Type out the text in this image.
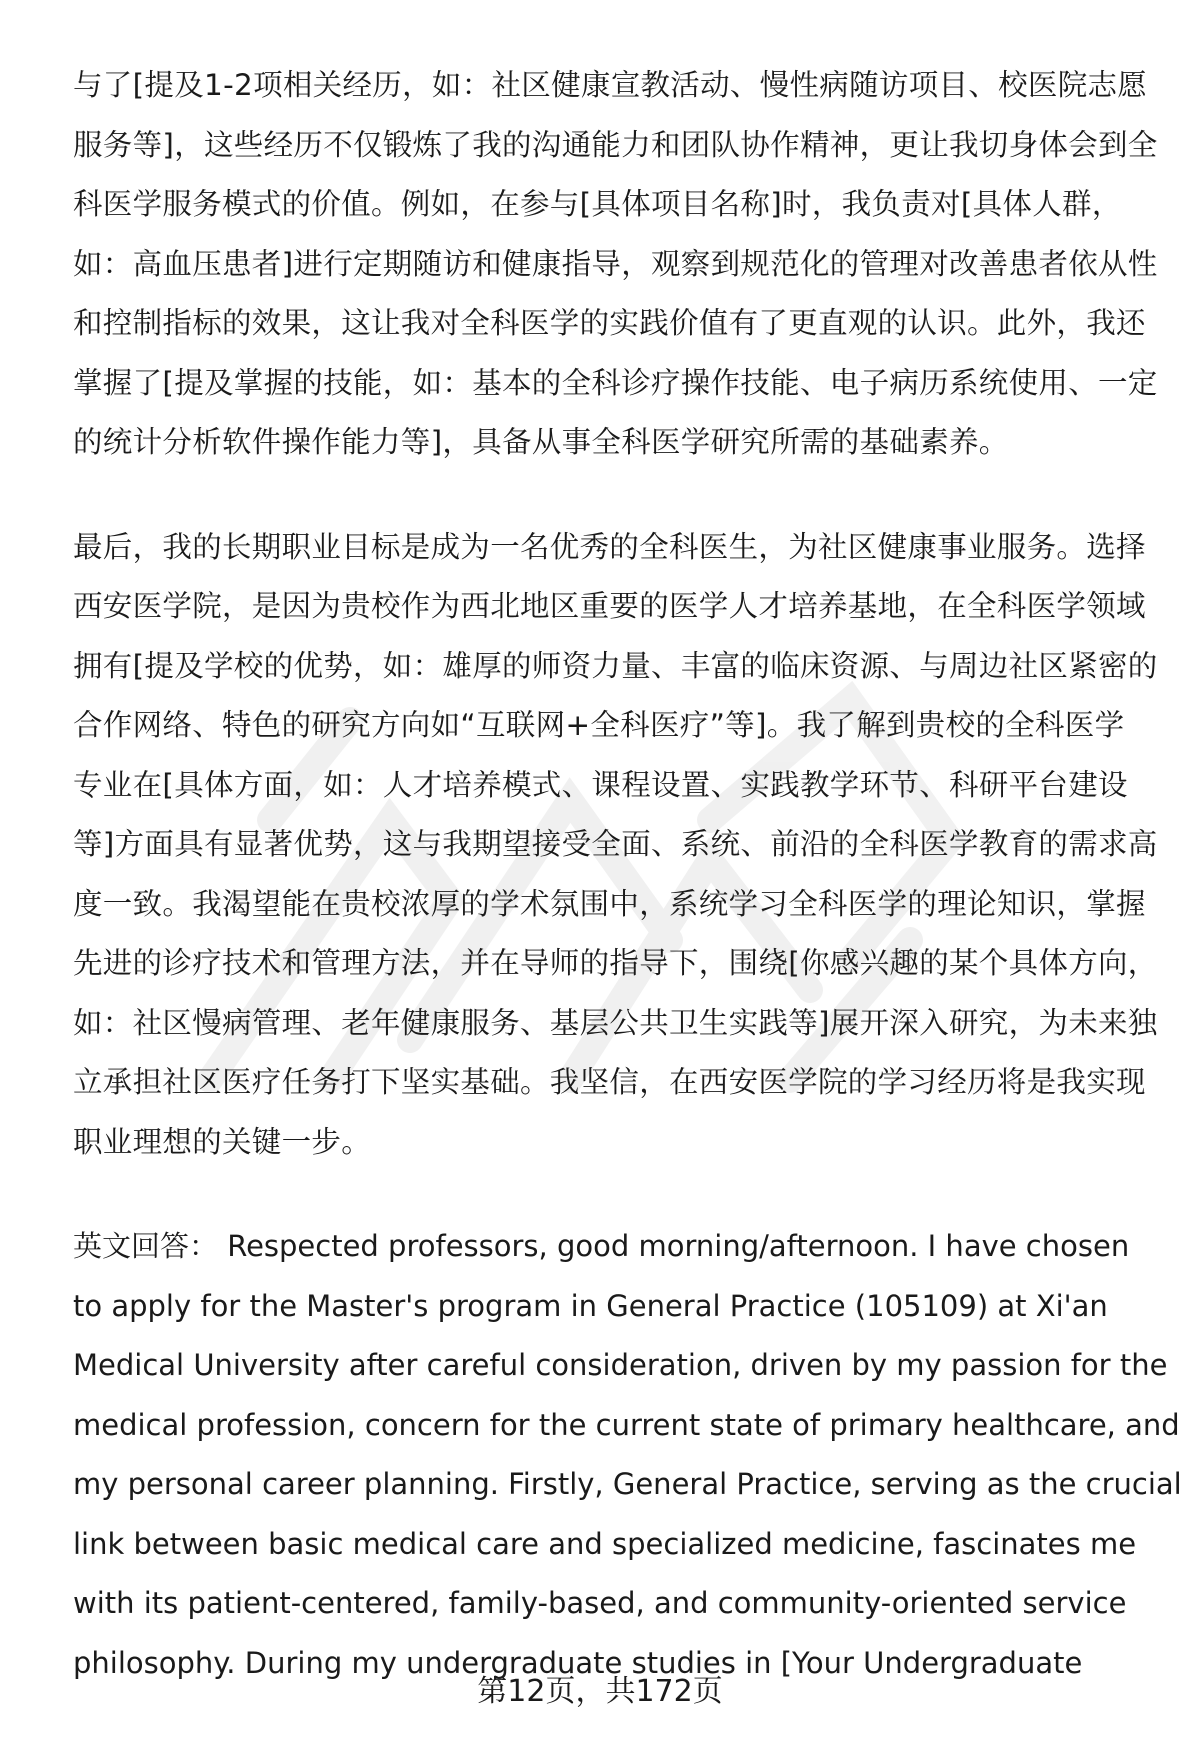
与了[提及1-2项相关经历，如：社区健康宣教活动、慢性病随访项目、校医院志愿

服务等]，这些经历不仅锻炼了我的沟通能力和团队协作精神，更让我切身体会到全

科医学服务模式的价值。例如，在参与[具体项目名称]时，我负责对[具体人群，

如：高血压患者]进行定期随访和健康指导，观察到规范化的管理对改善患者依从性

和控制指标的效果，这让我对全科医学的实践价值有了更直观的认识。此外，我还

掌握了[提及掌握的技能，如：基本的全科诊疗操作技能、电子病历系统使用、一定

的统计分析软件操作能力等]，具备从事全科医学研究所需的基础素养。

最后，我的长期职业目标是成为一名优秀的全科医生，为社区健康事业服务。选择

西安医学院，是因为贵校作为西北地区重要的医学人才培养基地，在全科医学领域

拥有[提及学校的优势，如：雄厚的师资力量、丰富的临床资源、与周边社区紧密的

合作网络、特色的研究方向如“互联网+全科医疗”等]。我了解到贵校的全科医学

专业在[具体方面，如：人才培养模式、课程设置、实践教学环节、科研平台建设

等]方面具有显著优势，这与我期望接受全面、系统、前沿的全科医学教育的需求高

度一致。我渴望能在贵校浓厚的学术氛围中，系统学习全科医学的理论知识，掌握

先进的诊疗技术和管理方法，并在导师的指导下，围绕[你感兴趣的某个具体方向，

如：社区慢病管理、老年健康服务、基层公共卫生实践等]展开深入研究，为未来独

立承担社区医疗任务打下坚实基础。我坚信，在西安医学院的学习经历将是我实现

职业理想的关键一步。

英文回答： Respected professors, good morning/afternoon. I have chosen

to apply for the Master's program in General Practice (105109) at Xi'an

Medical University after careful consideration, driven by my passion for the

medical profession, concern for the current state of primary healthcare, and

my personal career planning. Firstly, General Practice, serving as the crucial

link between basic medical care and specialized medicine, fascinates me

with its patient-centered, family-based, and community-oriented service

philosophy. During my undergraduate studies in [Your Undergraduate

第12页，共172页
